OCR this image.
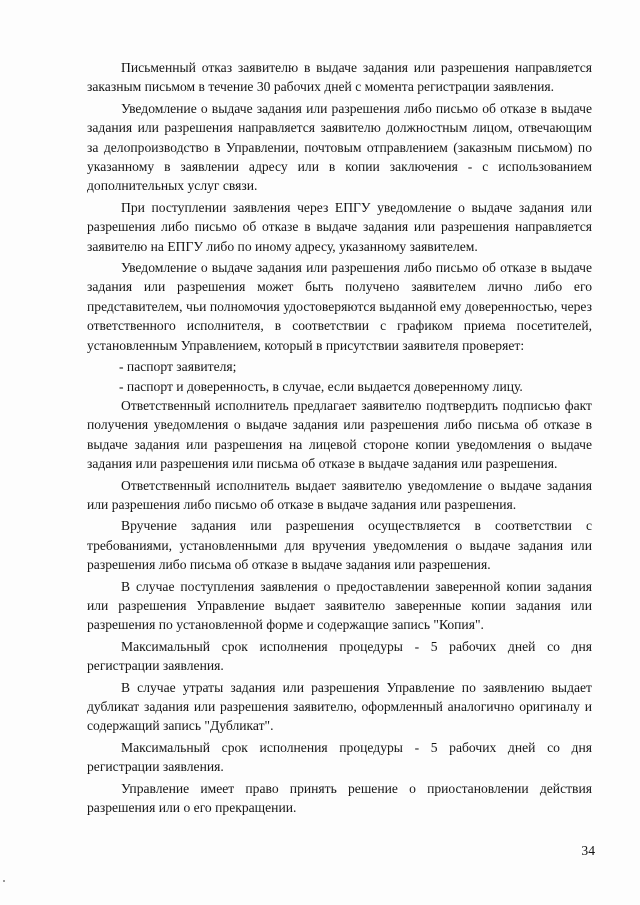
Письменный отказ заявителю в выдаче задания или разрешения направляется заказным письмом в течение 30 рабочих дней с момента регистрации заявления.

Уведомление о выдаче задания или разрешения либо письмо об отказе в выдаче задания или разрешения направляется заявителю должностным лицом, отвечающим за делопроизводство в Управлении, почтовым отправлением (заказным письмом) по указанному в заявлении адресу или в копии заключения - с использованием дополнительных услуг связи.

При поступлении заявления через ЕПГУ уведомление о выдаче задания или разрешения либо письмо об отказе в выдаче задания или разрешения направляется заявителю на ЕПГУ либо по иному адресу, указанному заявителем.

Уведомление о выдаче задания или разрешения либо письмо об отказе в выдаче задания или разрешения может быть получено заявителем лично либо его представителем, чьи полномочия удостоверяются выданной ему доверенностью, через ответственного исполнителя, в соответствии с графиком приема посетителей, установленным Управлением, который в присутствии заявителя проверяет:

- паспорт заявителя;

- паспорт и доверенность, в случае, если выдается доверенному лицу.

Ответственный исполнитель предлагает заявителю подтвердить подписью факт получения уведомления о выдаче задания или разрешения либо письма об отказе в выдаче задания или разрешения на лицевой стороне копии уведомления о выдаче задания или разрешения или письма об отказе в выдаче задания или разрешения.

Ответственный исполнитель выдает заявителю уведомление о выдаче задания или разрешения либо письмо об отказе в выдаче задания или разрешения.

Вручение задания или разрешения осуществляется в соответствии с требованиями, установленными для вручения уведомления о выдаче задания или разрешения либо письма об отказе в выдаче задания или разрешения.

В случае поступления заявления о предоставлении заверенной копии задания или разрешения Управление выдает заявителю заверенные копии задания или разрешения по установленной форме и содержащие запись "Копия".

Максимальный срок исполнения процедуры - 5 рабочих дней со дня регистрации заявления.

В случае утраты задания или разрешения Управление по заявлению выдает дубликат задания или разрешения заявителю, оформленный аналогично оригиналу и содержащий запись "Дубликат".

Максимальный срок исполнения процедуры - 5 рабочих дней со дня регистрации заявления.

Управление имеет право принять решение о приостановлении действия разрешения или о его прекращении.

34
